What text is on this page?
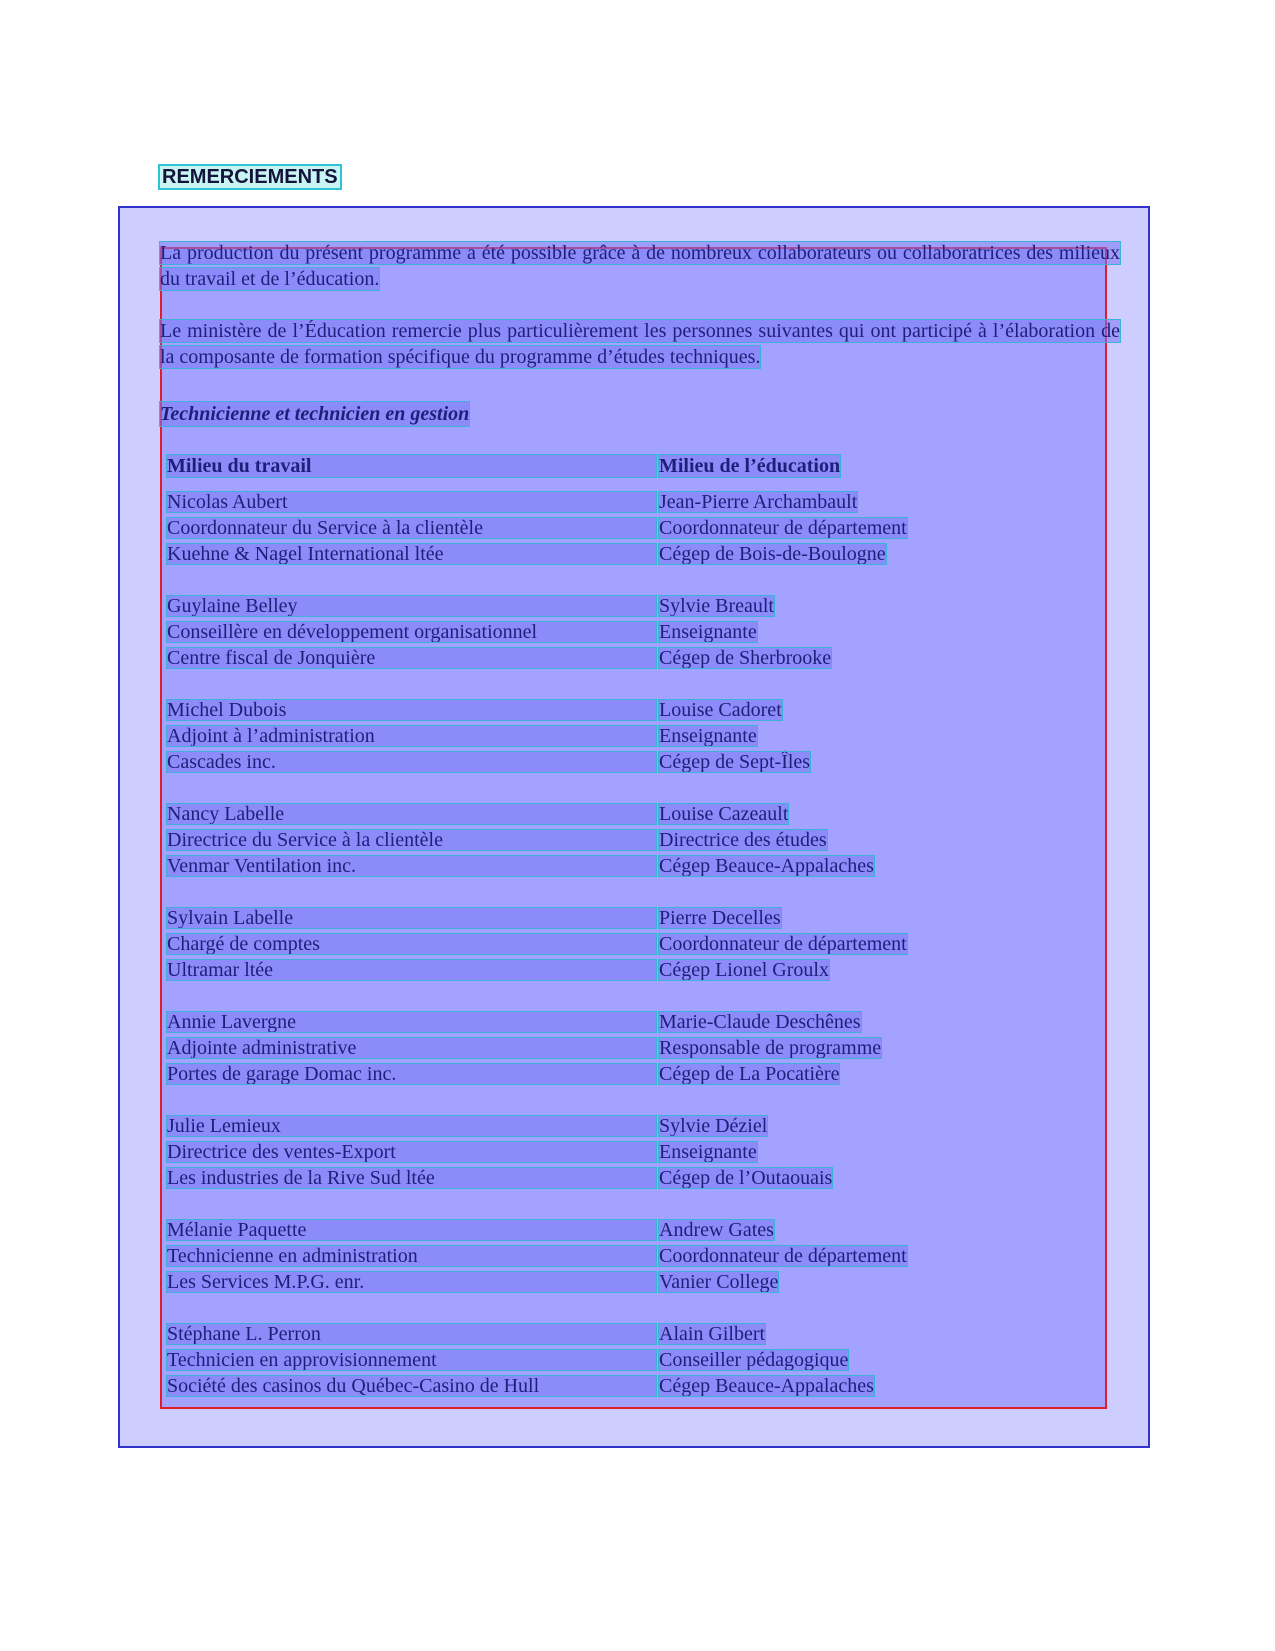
REMERCIEMENTS

La production du présent programme a été possible grâce à de nombreux collaborateurs ou collaboratrices des milieux du travail et de l’éducation.

Le ministère de l’Éducation remercie plus particulièrement les personnes suivantes qui ont participé à l’élaboration de la composante de formation spécifique du programme d’études techniques.

Technicienne et technicien en gestion
Milieu du travail	Milieu de l’éducation
Nicolas Aubert
Coordonnateur du Service à la clientèle
Kuehne & Nagel International ltée
Jean-Pierre Archambault
Coordonnateur de département
Cégep de Bois-de-Boulogne
Guylaine Belley
Conseillère en développement organisationnel
Centre fiscal de Jonquière
Sylvie Breault
Enseignante
Cégep de Sherbrooke
Michel Dubois
Adjoint à l’administration
Cascades inc.
Louise Cadoret
Enseignante
Cégep de Sept-Îles
Nancy Labelle
Directrice du Service à la clientèle
Venmar Ventilation inc.
Louise Cazeault
Directrice des études
Cégep Beauce-Appalaches
Sylvain Labelle
Chargé de comptes
Ultramar ltée
Pierre Decelles
Coordonnateur de département
Cégep Lionel Groulx
Annie Lavergne
Adjointe administrative
Portes de garage Domac inc.
Marie-Claude Deschênes
Responsable de programme
Cégep de La Pocatière
Julie Lemieux
Directrice des ventes-Export
Les industries de la Rive Sud ltée
Sylvie Déziel
Enseignante
Cégep de l’Outaouais
Mélanie Paquette
Technicienne en administration
Les Services M.P.G. enr.
Andrew Gates
Coordonnateur de département
Vanier College
Stéphane L. Perron
Technicien en approvisionnement
Société des casinos du Québec-Casino de Hull
Alain Gilbert
Conseiller pédagogique
Cégep Beauce-Appalaches
